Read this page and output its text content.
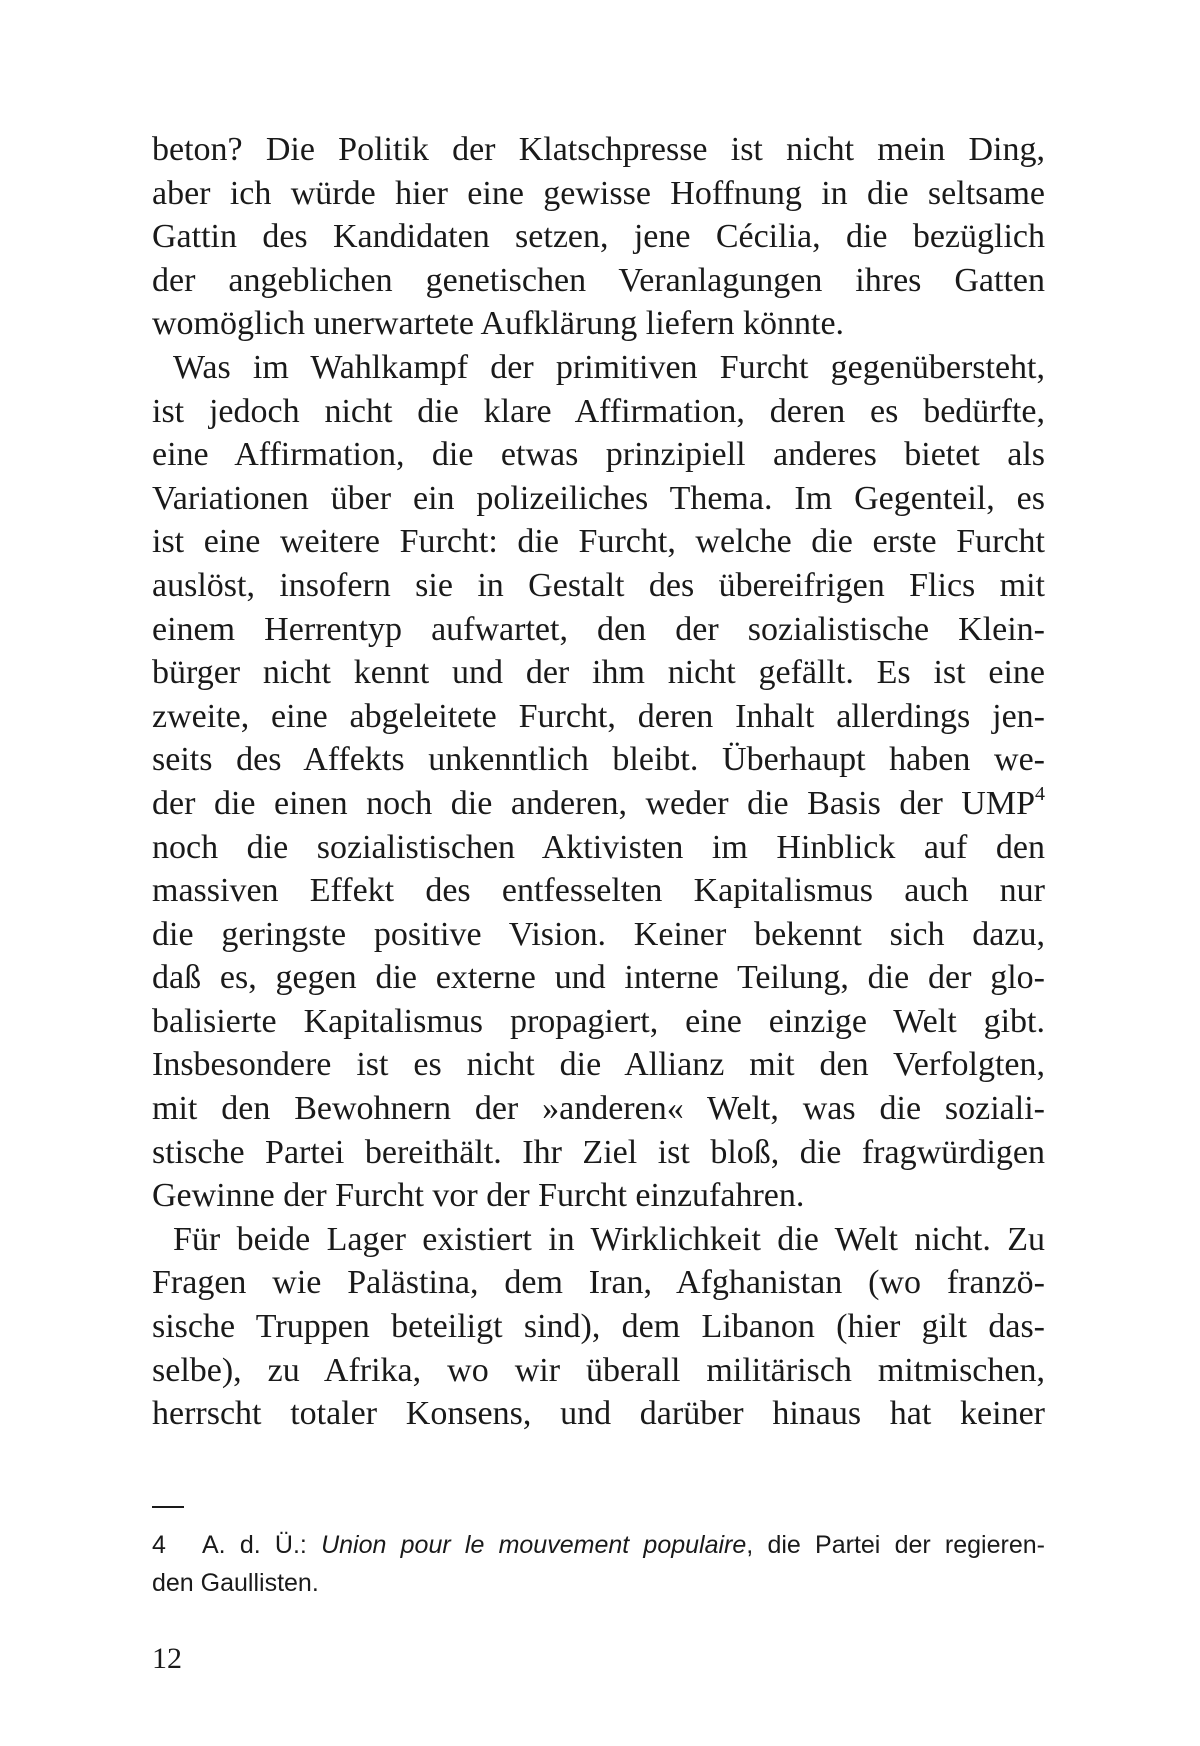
beton? Die Politik der Klatschpresse ist nicht mein Ding,
aber ich würde hier eine gewisse Hoffnung in die seltsame
Gattin des Kandidaten setzen, jene Cécilia, die bezüglich
der angeblichen genetischen Veranlagungen ihres Gatten
womöglich unerwartete Aufklärung liefern könnte.
Was im Wahlkampf der primitiven Furcht gegenübersteht,
ist jedoch nicht die klare Affirmation, deren es bedürfte,
eine Affirmation, die etwas prinzipiell anderes bietet als
Variationen über ein polizeiliches Thema. Im Gegenteil, es
ist eine weitere Furcht: die Furcht, welche die erste Furcht
auslöst, insofern sie in Gestalt des übereifrigen Flics mit
einem Herrentyp aufwartet, den der sozialistische Klein-
bürger nicht kennt und der ihm nicht gefällt. Es ist eine
zweite, eine abgeleitete Furcht, deren Inhalt allerdings jen-
seits des Affekts unkenntlich bleibt. Überhaupt haben we-
der die einen noch die anderen, weder die Basis der UMP$^4$
noch die sozialistischen Aktivisten im Hinblick auf den
massiven Effekt des entfesselten Kapitalismus auch nur
die geringste positive Vision. Keiner bekennt sich dazu,
daß es, gegen die externe und interne Teilung, die der glo-
balisierte Kapitalismus propagiert, eine einzige Welt gibt.
Insbesondere ist es nicht die Allianz mit den Verfolgten,
mit den Bewohnern der »anderen« Welt, was die soziali-
stische Partei bereithält. Ihr Ziel ist bloß, die fragwürdigen
Gewinne der Furcht vor der Furcht einzufahren.
Für beide Lager existiert in Wirklichkeit die Welt nicht. Zu
Fragen wie Palästina, dem Iran, Afghanistan (wo franzö-
sische Truppen beteiligt sind), dem Libanon (hier gilt das-
selbe), zu Afrika, wo wir überall militärisch mitmischen,
herrscht totaler Konsens, und darüber hinaus hat keiner
4 A. d. Ü.: Union pour le mouvement populaire, die Partei der regieren-
den Gaullisten.
12
